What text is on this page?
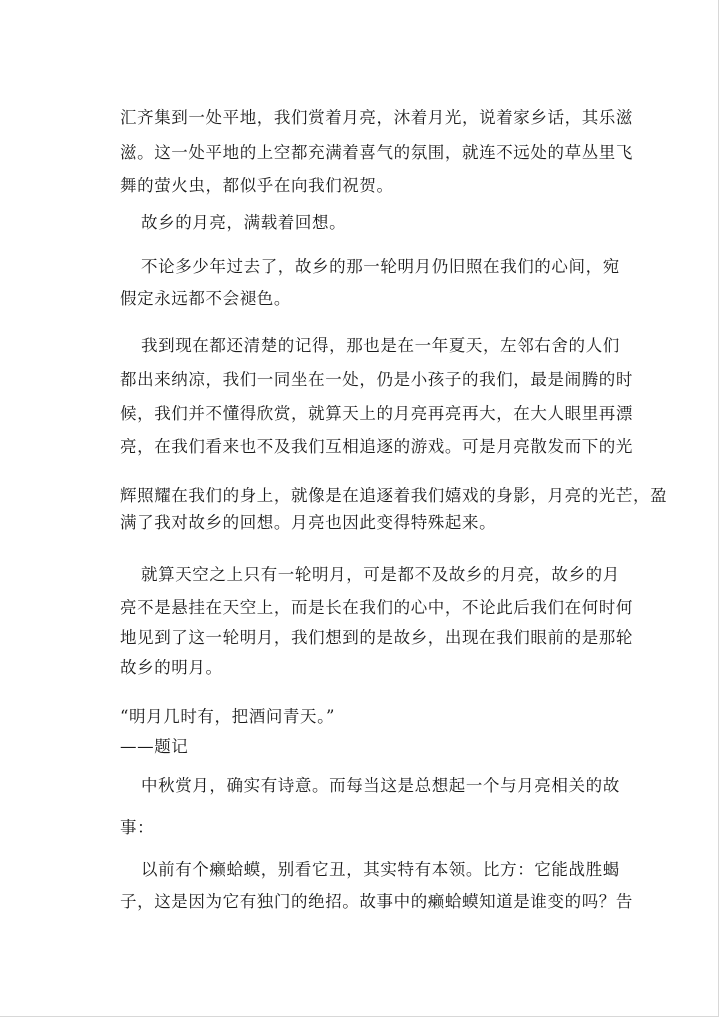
汇齐集到一处平地，我们赏着月亮，沐着月光，说着家乡话，其乐滋
滋。这一处平地的上空都充满着喜气的氛围，就连不远处的草丛里飞
舞的萤火虫，都似乎在向我们祝贺。
故乡的月亮，满载着回想。
不论多少年过去了，故乡的那一轮明月仍旧照在我们的心间，宛
假定永远都不会褪色。
我到现在都还清楚的记得，那也是在一年夏天，左邻右舍的人们
都出来纳凉，我们一同坐在一处，仍是小孩子的我们，最是闹腾的时
候，我们并不懂得欣赏，就算天上的月亮再亮再大，在大人眼里再漂
亮，在我们看来也不及我们互相追逐的游戏。可是月亮散发而下的光
辉照耀在我们的身上，就像是在追逐着我们嬉戏的身影，月亮的光芒，盈
满了我对故乡的回想。月亮也因此变得特殊起来。
就算天空之上只有一轮明月，可是都不及故乡的月亮，故乡的月
亮不是悬挂在天空上，而是长在我们的心中，不论此后我们在何时何
地见到了这一轮明月，我们想到的是故乡，出现在我们眼前的是那轮
故乡的明月。
“明月几时有，把酒问青天。”
——题记
中秋赏月，确实有诗意。而每当这是总想起一个与月亮相关的故
事：
以前有个癞蛤蟆，别看它丑，其实特有本领。比方：它能战胜蝎
子，这是因为它有独门的绝招。故事中的癞蛤蟆知道是谁变的吗？告
